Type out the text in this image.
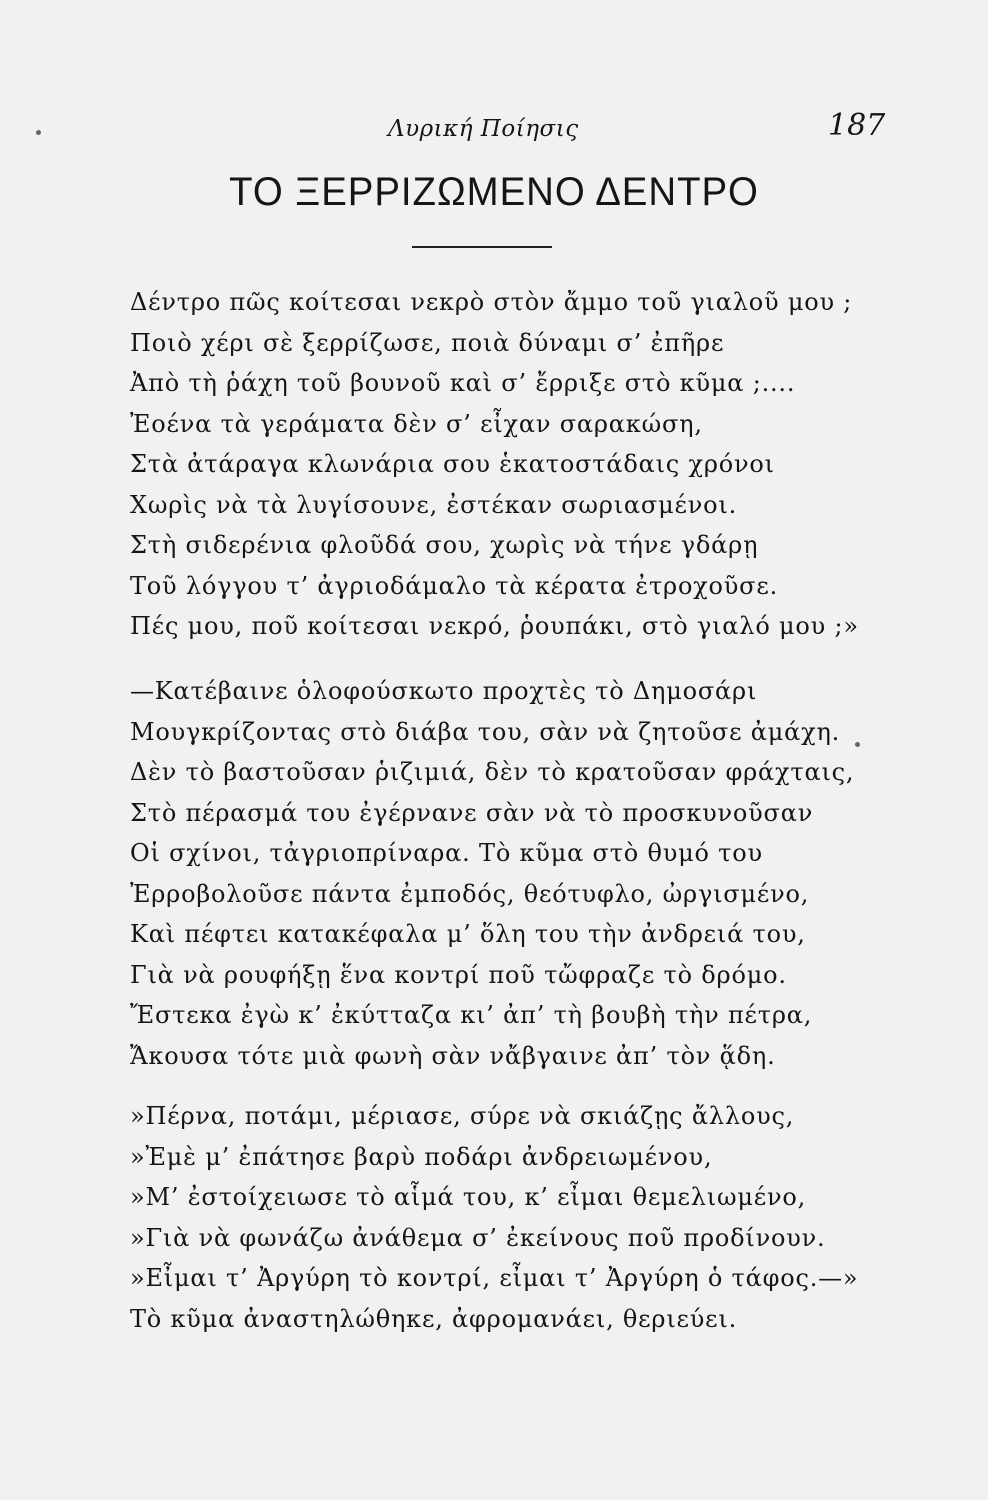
Λυρική Ποίησις	187
ΤΟ ΞΕΡΡΙΖΩΜΕΝΟ ΔΕΝΤΡΟ
Δέντρο πῶς κοίτεσαι νεκρὸ στὸν ἄμμο τοῦ γιαλοῦ μου ;
Ποιὸ χέρι σὲ ξερρίζωσε, ποιὰ δύναμι σ’ ἐπῆρε
Ἀπὸ τὴ ῥάχη τοῦ βουνοῦ καὶ σ’ ἔρριξε στὸ κῦμα ;....
Ἐοένα τὰ γεράματα δὲν σ’ εἶχαν σαρακώση,
Στὰ ἀτάραγα κλωνάρια σου ἑκατοστάδαις χρόνοι
Χωρὶς νὰ τὰ λυγίσουνε, ἐστέκαν σωριασμένοι.
Στὴ σιδερένια φλοῦδά σου, χωρὶς νὰ τήνε γδάρῃ
Τοῦ λόγγου τ’ ἀγριοδάμαλο τὰ κέρατα ἐτροχοῦσε.
Πές μου, ποῦ κοίτεσαι νεκρό, ῥουπάκι, στὸ γιαλό μου ;»
—Κατέβαινε ὁλοφούσκωτο προχτὲς τὸ Δημοσάρι
Μουγκρίζοντας στὸ διάβα του, σὰν νὰ ζητοῦσε ἀμάχη.
Δὲν τὸ βαστοῦσαν ῥιζιμιά, δὲν τὸ κρατοῦσαν φράχταις,
Στὸ πέρασμά του ἐγέρνανε σὰν νὰ τὸ προσκυνοῦσαν
Οἱ σχίνοι, τἀγριοπρίναρα. Τὸ κῦμα στὸ θυμό του
Ἐρροβολοῦσε πάντα ἐμποδός, θεότυφλο, ὠργισμένο,
Καὶ πέφτει κατακέφαλα μ’ ὅλη του τὴν ἀνδρειά του,
Γιὰ νὰ ρουφήξῃ ἕνα κοντρί ποῦ τὤφραζε τὸ δρόμο.
Ἔστεκα ἐγὼ κ’ ἐκύτταζα κι’ ἀπ’ τὴ βουβὴ τὴν πέτρα,
Ἄκουσα τότε μιὰ φωνὴ σὰν νἄβγαινε ἀπ’ τὸν ᾅδη.
»Πέρνα, ποτάμι, μέριασε, σύρε νὰ σκιάζῃς ἄλλους,
»Ἐμὲ μ’ ἐπάτησε βαρὺ ποδάρι ἀνδρειωμένου,
»Μ’ ἐστοίχειωσε τὸ αἷμά του, κ’ εἶμαι θεμελιωμένο,
»Γιὰ νὰ φωνάζω ἀνάθεμα σ’ ἐκείνους ποῦ προδίνουν.
»Εἶμαι τ’ Ἀργύρη τὸ κοντρί, εἶμαι τ’ Ἀργύρη ὁ τάφος.—»
Τὸ κῦμα ἀναστηλώθηκε, ἀφρομανάει, θεριεύει.
